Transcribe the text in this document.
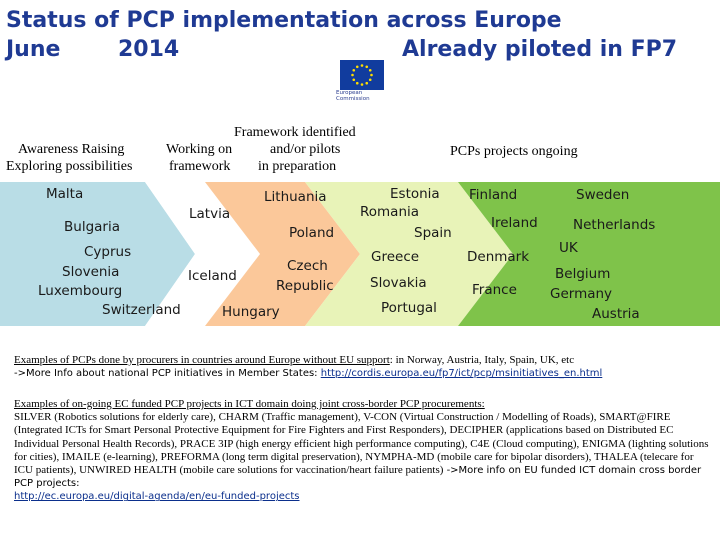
Status of PCP implementation across Europe
June	2014	Already piloted in FP7
European
Commission
Framework identified
Awareness Raising	Working on	and/or pilots	PCPs projects ongoing
Exploring possibilities	framework in preparation
Malta
Bulgaria
Cyprus
Slovenia
Luxembourg
Switzerland
Latvia
Iceland
Hungary
Lithuania
Poland
Czech
Republic
Estonia
Romania
Spain
Greece
Slovakia
Portugal
Finland
Ireland
Denmark
France
Sweden
Netherlands
UK
Belgium
Germany
Austria
Examples of PCPs done by procurers in countries around Europe without EU support: in Norway, Austria, Italy, Spain, UK, etc
->More Info about national PCP initiatives in Member States: http://cordis.europa.eu/fp7/ict/pcp/msinitiatives_en.html
Examples of on-going EC funded PCP projects in ICT domain doing joint cross-border PCP procurements:
SILVER (Robotics solutions for elderly care), CHARM (Traffic management), V-CON (Virtual Construction / Modelling of Roads), SMART@FIRE (Integrated ICTs for Smart Personal Protective Equipment for Fire Fighters and First Responders), DECIPHER (applications based on Distributed EC Individual Personal Health Records), PRACE 3IP (high energy efficient high performance computing), C4E (Cloud computing), ENIGMA (lighting solutions for cities), IMAILE (e-learning), PREFORMA (long term digital preservation), NYMPHA-MD (mobile care for bipolar disorders), THALEA (telecare for ICU patients), UNWIRED HEALTH (mobile care solutions for vaccination/heart failure patients) ->More info on EU funded ICT domain cross border PCP projects:
http://ec.europa.eu/digital-agenda/en/eu-funded-projects
